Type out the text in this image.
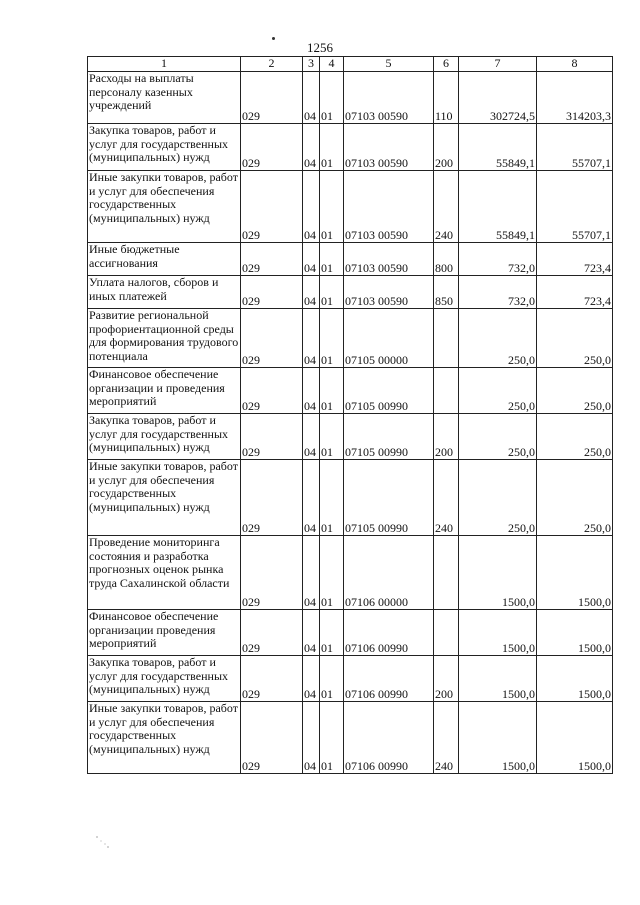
1256
1	2	3	4	5	6	7	8
Расходы на выплаты персоналу казенных учреждений	029	04	01	07103 00590	110	302724,5	314203,3
Закупка товаров, работ и услуг для государственных (муниципальных) нужд	029	04	01	07103 00590	200	55849,1	55707,1
Иные закупки товаров, работ и услуг для обеспечения государственных (муниципальных) нужд	029	04	01	07103 00590	240	55849,1	55707,1
Иные бюджетные ассигнования	029	04	01	07103 00590	800	732,0	723,4
Уплата налогов, сборов и иных платежей	029	04	01	07103 00590	850	732,0	723,4
Развитие региональной профориентационной среды для формирования трудового потенциала	029	04	01	07105 00000		250,0	250,0
Финансовое обеспечение организации и проведения мероприятий	029	04	01	07105 00990		250,0	250,0
Закупка товаров, работ и услуг для государственных (муниципальных) нужд	029	04	01	07105 00990	200	250,0	250,0
Иные закупки товаров, работ и услуг для обеспечения государственных (муниципальных) нужд	029	04	01	07105 00990	240	250,0	250,0
Проведение мониторинга состояния и разработка прогнозных оценок рынка труда Сахалинской области	029	04	01	07106 00000		1500,0	1500,0
Финансовое обеспечение организации проведения мероприятий	029	04	01	07106 00990		1500,0	1500,0
Закупка товаров, работ и услуг для государственных (муниципальных) нужд	029	04	01	07106 00990	200	1500,0	1500,0
Иные закупки товаров, работ и услуг для обеспечения государственных (муниципальных) нужд	029	04	01	07106 00990	240	1500,0	1500,0
